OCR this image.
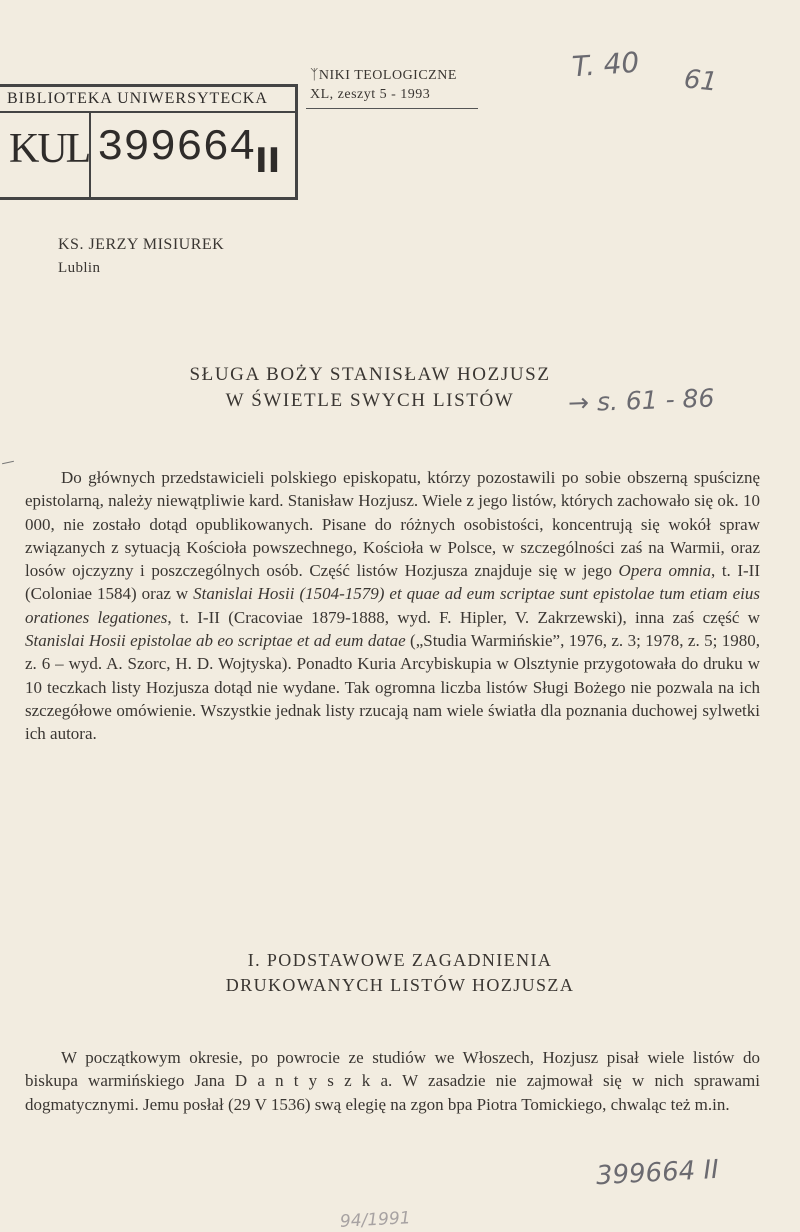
ᛉNIKI TEOLOGICZNE
XL, zeszyt 5 - 1993
T. 40 61
BIBLIOTEKA UNIWERSYTECKA
KUL 399664 II
KS. JERZY MISIUREK
Lublin
SŁUGA BOŻY STANISŁAW HOZJUSZ
W ŚWIETLE SWYCH LISTÓW	→ s. 61 - 86

Do głównych przedstawicieli polskiego episkopatu, którzy pozostawili po sobie obszerną spuściznę epistolarną, należy niewątpliwie kard. Stanisław Hozjusz. Wiele z jego listów, których zachowało się ok. 10 000, nie zostało dotąd opublikowanych. Pisane do różnych osobistości, koncentrują się wokół spraw związanych z sytuacją Kościoła powszechnego, Kościoła w Polsce, w szczególności zaś na Warmii, oraz losów ojczyzny i poszczególnych osób. Część listów Hozjusza znajduje się w jego Opera omnia, t. I-II (Coloniae 1584) oraz w Stanislai Hosii (1504-1579) et quae ad eum scriptae sunt epistolae tum etiam eius orationes legationes, t. I-II (Cracoviae 1879-1888, wyd. F. Hipler, V. Zakrzewski), inna zaś część w Stanislai Hosii epistolae ab eo scriptae et ad eum datae („Studia Warmińskie”, 1976, z. 3; 1978, z. 5; 1980, z. 6 – wyd. A. Szorc, H. D. Wojtyska). Ponadto Kuria Arcybiskupia w Olsztynie przygotowała do druku w 10 teczkach listy Hozjusza dotąd nie wydane. Tak ogromna liczba listów Sługi Bożego nie pozwala na ich szczegółowe omówienie. Wszystkie jednak listy rzucają nam wiele światła dla poznania duchowej sylwetki ich autora.

I. PODSTAWOWE ZAGADNIENIA
DRUKOWANYCH LISTÓW HOZJUSZA

W początkowym okresie, po powrocie ze studiów we Włoszech, Hozjusz pisał wiele listów do biskupa warmińskiego Jana D a n t y s z k a. W zasadzie nie zajmował się w nich sprawami dogmatycznymi. Jemu posłał (29 V 1536) swą elegię na zgon bpa Piotra Tomickiego, chwaląc też m.in.

399664 II
94/1991
